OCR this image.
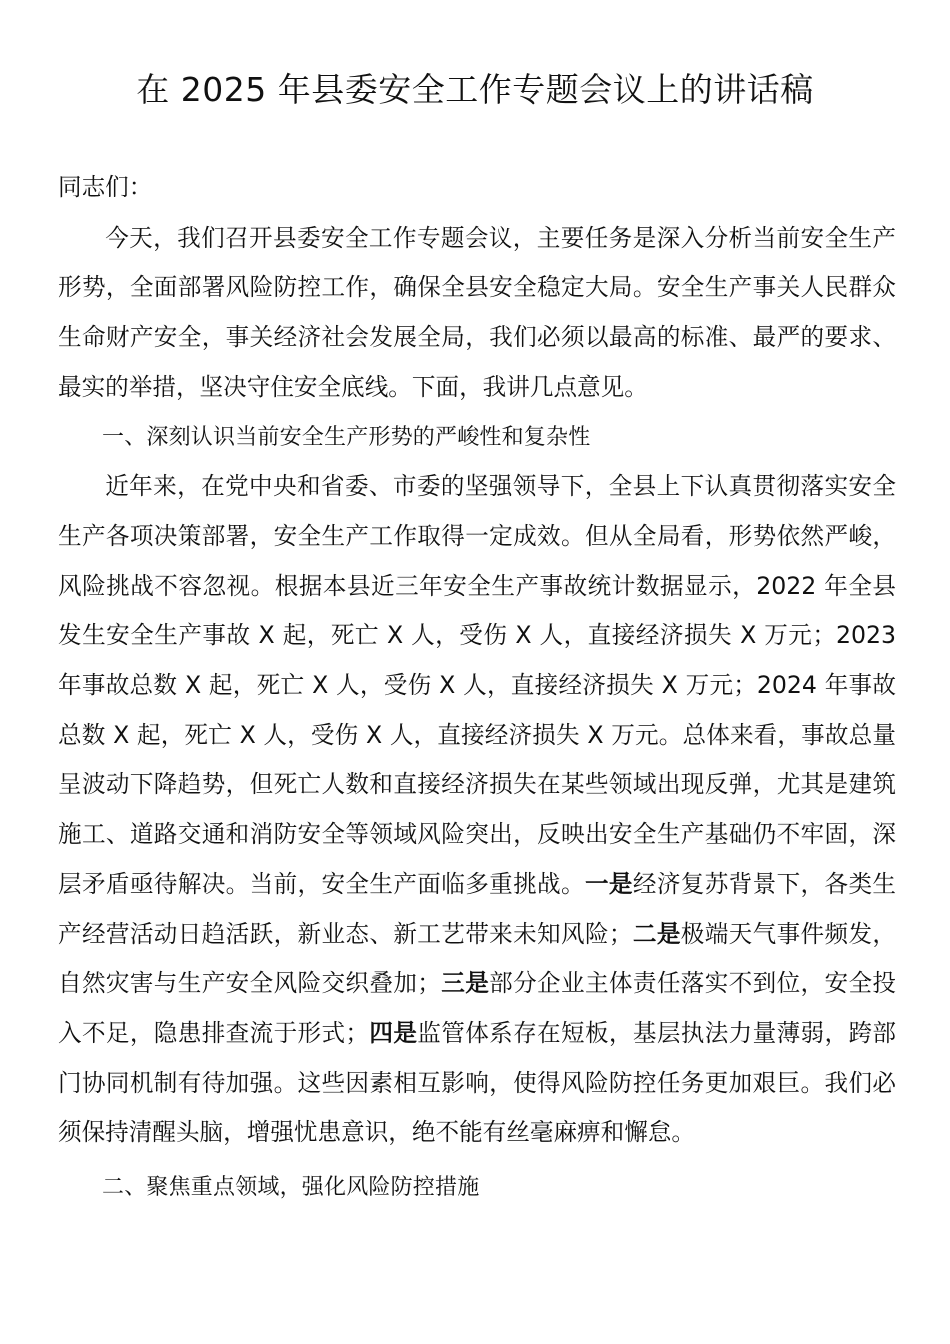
在 2025 年县委安全工作专题会议上的讲话稿

同志们：

今天，我们召开县委安全工作专题会议，主要任务是深入分析当前安全生产形势，全面部署风险防控工作，确保全县安全稳定大局。安全生产事关人民群众生命财产安全，事关经济社会发展全局，我们必须以最高的标准、最严的要求、最实的举措，坚决守住安全底线。下面，我讲几点意见。

一、深刻认识当前安全生产形势的严峻性和复杂性

近年来，在党中央和省委、市委的坚强领导下，全县上下认真贯彻落实安全生产各项决策部署，安全生产工作取得一定成效。但从全局看，形势依然严峻，风险挑战不容忽视。根据本县近三年安全生产事故统计数据显示，2022 年全县发生安全生产事故 X 起，死亡 X 人，受伤 X 人，直接经济损失 X 万元；2023 年事故总数 X 起，死亡 X 人，受伤 X 人，直接经济损失 X 万元；2024 年事故总数 X 起，死亡 X 人，受伤 X 人，直接经济损失 X 万元。总体来看，事故总量呈波动下降趋势，但死亡人数和直接经济损失在某些领域出现反弹，尤其是建筑施工、道路交通和消防安全等领域风险突出，反映出安全生产基础仍不牢固，深层矛盾亟待解决。当前，安全生产面临多重挑战。一是经济复苏背景下，各类生产经营活动日趋活跃，新业态、新工艺带来未知风险；二是极端天气事件频发，自然灾害与生产安全风险交织叠加；三是部分企业主体责任落实不到位，安全投入不足，隐患排查流于形式；四是监管体系存在短板，基层执法力量薄弱，跨部门协同机制有待加强。这些因素相互影响，使得风险防控任务更加艰巨。我们必须保持清醒头脑，增强忧患意识，绝不能有丝毫麻痹和懈怠。

二、聚焦重点领域，强化风险防控措施
